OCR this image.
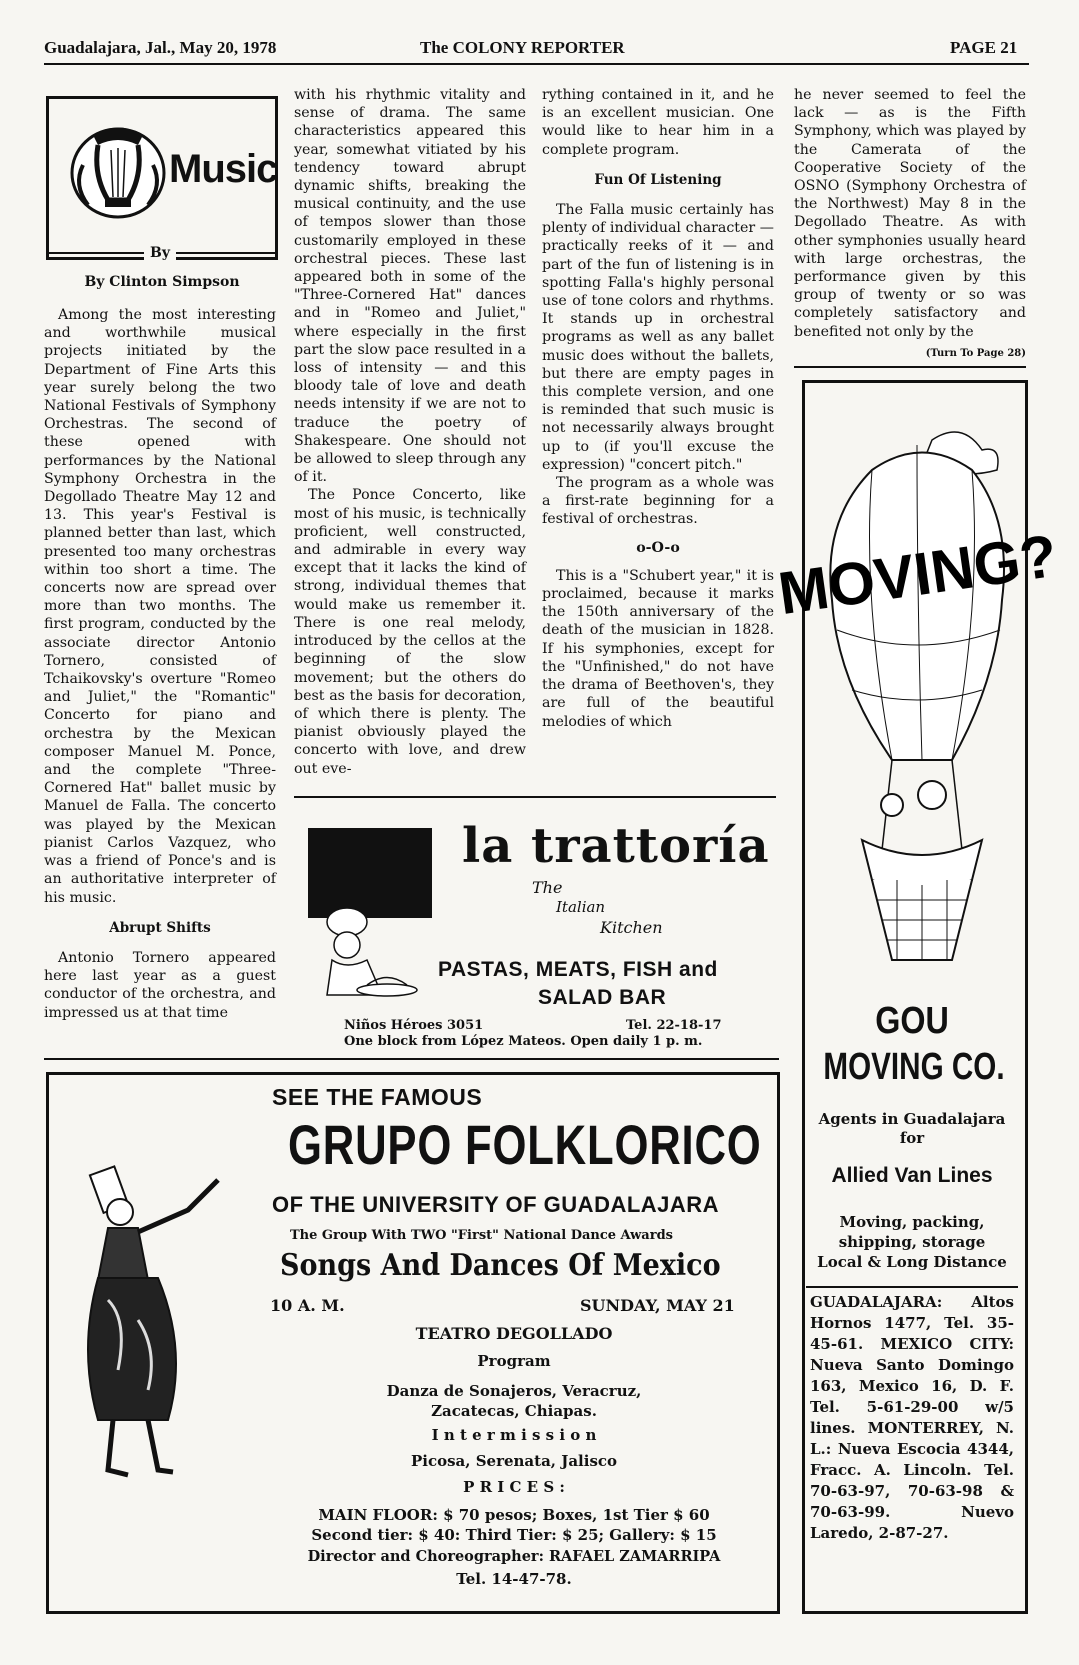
Guadalajara, Jal., May 20, 1978	The COLONY REPORTER	PAGE 21
Music
By
By Clinton Simpson

Among the most interesting and worthwhile musical projects initiated by the Department of Fine Arts this year surely belong the two National Festivals of Symphony Orchestras. The second of these opened with performances by the National Symphony Orchestra in the Degollado Theatre May 12 and 13. This year's Festival is planned better than last, which presented too many orchestras within too short a time. The concerts now are spread over more than two months. The first program, conducted by the associate director Antonio Tornero, consisted of Tchaikovsky's overture "Romeo and Juliet," the "Romantic" Concerto for piano and orchestra by the Mexican composer Manuel M. Ponce, and the complete "Three-Cornered Hat" ballet music by Manuel de Falla. The concerto was played by the Mexican pianist Carlos Vazquez, who was a friend of Ponce's and is an authoritative interpreter of his music.

Abrupt Shifts

Antonio Tornero appeared here last year as a guest conductor of the orchestra, and impressed us at that time

with his rhythmic vitality and sense of drama. The same characteristics appeared this year, somewhat vitiated by his tendency toward abrupt dynamic shifts, breaking the musical continuity, and the use of tempos slower than those customarily employed in these orchestral pieces. These last appeared both in some of the "Three-Cornered Hat" dances and in "Romeo and Juliet," where especially in the first part the slow pace resulted in a loss of intensity — and this bloody tale of love and death needs intensity if we are not to traduce the poetry of Shakespeare. One should not be allowed to sleep through any of it.

The Ponce Concerto, like most of his music, is technically proficient, well constructed, and admirable in every way except that it lacks the kind of strong, individual themes that would make us remember it. There is one real melody, introduced by the cellos at the beginning of the slow movement; but the others do best as the basis for decoration, of which there is plenty. The pianist obviously played the concerto with love, and drew out eve-

rything contained in it, and he is an excellent musician. One would like to hear him in a complete program.

Fun Of Listening

The Falla music certainly has plenty of individual character — practically reeks of it — and part of the fun of listening is in spotting Falla's highly personal use of tone colors and rhythms. It stands up in orchestral programs as well as any ballet music does without the ballets, but there are empty pages in this complete version, and one is reminded that such music is not necessarily always brought up to (if you'll excuse the expression) "concert pitch."

The program as a whole was a first-rate beginning for a festival of orchestras.

o-O-o

This is a "Schubert year," it is proclaimed, because it marks the 150th anniversary of the death of the musician in 1828. If his symphonies, except for the "Unfinished," do not have the drama of Beethoven's, they are full of the beautiful melodies of which

he never seemed to feel the lack — as is the Fifth Symphony, which was played by the Camerata of the Cooperative Society of the OSNO (Symphony Orchestra of the Northwest) May 8 in the Degollado Theatre. As with other symphonies usually heard with large orchestras, the performance given by this group of twenty or so was completely satisfactory and benefited not only by the

(Turn To Page 28)

la trattoría
The
Italian
Kitchen
PASTAS, MEATS, FISH and
SALAD BAR
Niños Héroes 3051	Tel. 22-18-17
One block from López Mateos. Open daily 1 p. m.
SEE THE FAMOUS
GRUPO FOLKLORICO
OF THE UNIVERSITY OF GUADALAJARA
The Group With TWO "First" National Dance Awards
Songs And Dances Of Mexico
10 A. M.	SUNDAY, MAY 21
TEATRO DEGOLLADO
Program
Danza de Sonajeros, Veracruz,
Zacatecas, Chiapas.
I n t e r m i s s i o n
Picosa, Serenata, Jalisco
P R I C E S :
MAIN FLOOR: $ 70 pesos; Boxes, 1st Tier $ 60
Second tier: $ 40: Third Tier: $ 25; Gallery: $ 15
Director and Choreographer: RAFAEL ZAMARRIPA
Tel. 14-47-78.
MOVING?
GOU
MOVING CO.
Agents in Guadalajara for
Allied Van Lines
Moving, packing, shipping, storage Local & Long Distance
GUADALAJARA: Altos Hornos 1477, Tel. 35-45-61. MEXICO CITY: Nueva Santo Domingo 163, Mexico 16, D. F. Tel. 5-61-29-00 w/5 lines. MONTERREY, N. L.: Nueva Escocia 4344, Fracc. A. Lincoln. Tel. 70-63-97, 70-63-98 & 70-63-99. Nuevo Laredo, 2-87-27.
